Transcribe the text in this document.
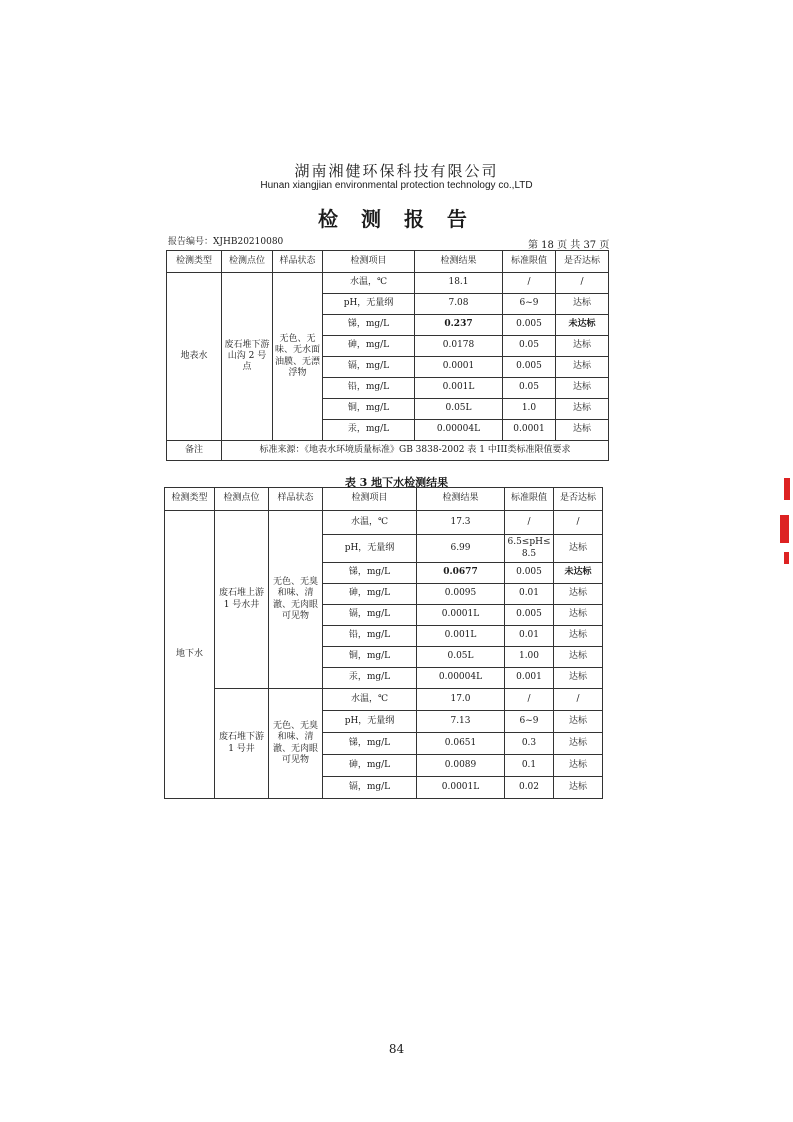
湖南湘健环保科技有限公司
Hunan xiangjian environmental protection technology co.,LTD
检 测 报 告
报告编号：XJHB20210080	第 18 页 共 37 页
检测类型	检测点位	样品状态	检测项目	检测结果	标准限值	是否达标
地表水	废石堆下游山沟 2 号点	无色、无味、无水面油膜、无漂浮物	水温，℃	18.1	/	/
			pH，无量纲	7.08	6~9	达标
			锑，mg/L	0.237	0.005	未达标
			砷，mg/L	0.0178	0.05	达标
			镉，mg/L	0.0001	0.005	达标
			铅，mg/L	0.001L	0.05	达标
			铜，mg/L	0.05L	1.0	达标
			汞，mg/L	0.00004L	0.0001	达标
备注	标准来源：《地表水环境质量标准》GB 3838-2002 表 1 中III类标准限值要求					
表 3 地下水检测结果
检测类型	检测点位	样品状态	检测项目	检测结果	标准限值	是否达标
地下水	废石堆上游 1 号水井	无色、无臭和味、清澈、无肉眼可见物	水温，℃	17.3	/	/
			pH，无量纲	6.99	6.5≤pH≤8.5	达标
			锑，mg/L	0.0677	0.005	未达标
			砷，mg/L	0.0095	0.01	达标
			镉，mg/L	0.0001L	0.005	达标
			铅，mg/L	0.001L	0.01	达标
			铜，mg/L	0.05L	1.00	达标
			汞，mg/L	0.00004L	0.001	达标
	废石堆下游 1 号井	无色、无臭和味、清澈、无肉眼可见物	水温，℃	17.0	/	/
			pH，无量纲	7.13	6~9	达标
			锑，mg/L	0.0651	0.3	达标
			砷，mg/L	0.0089	0.1	达标
			镉，mg/L	0.0001L	0.02	达标
84
